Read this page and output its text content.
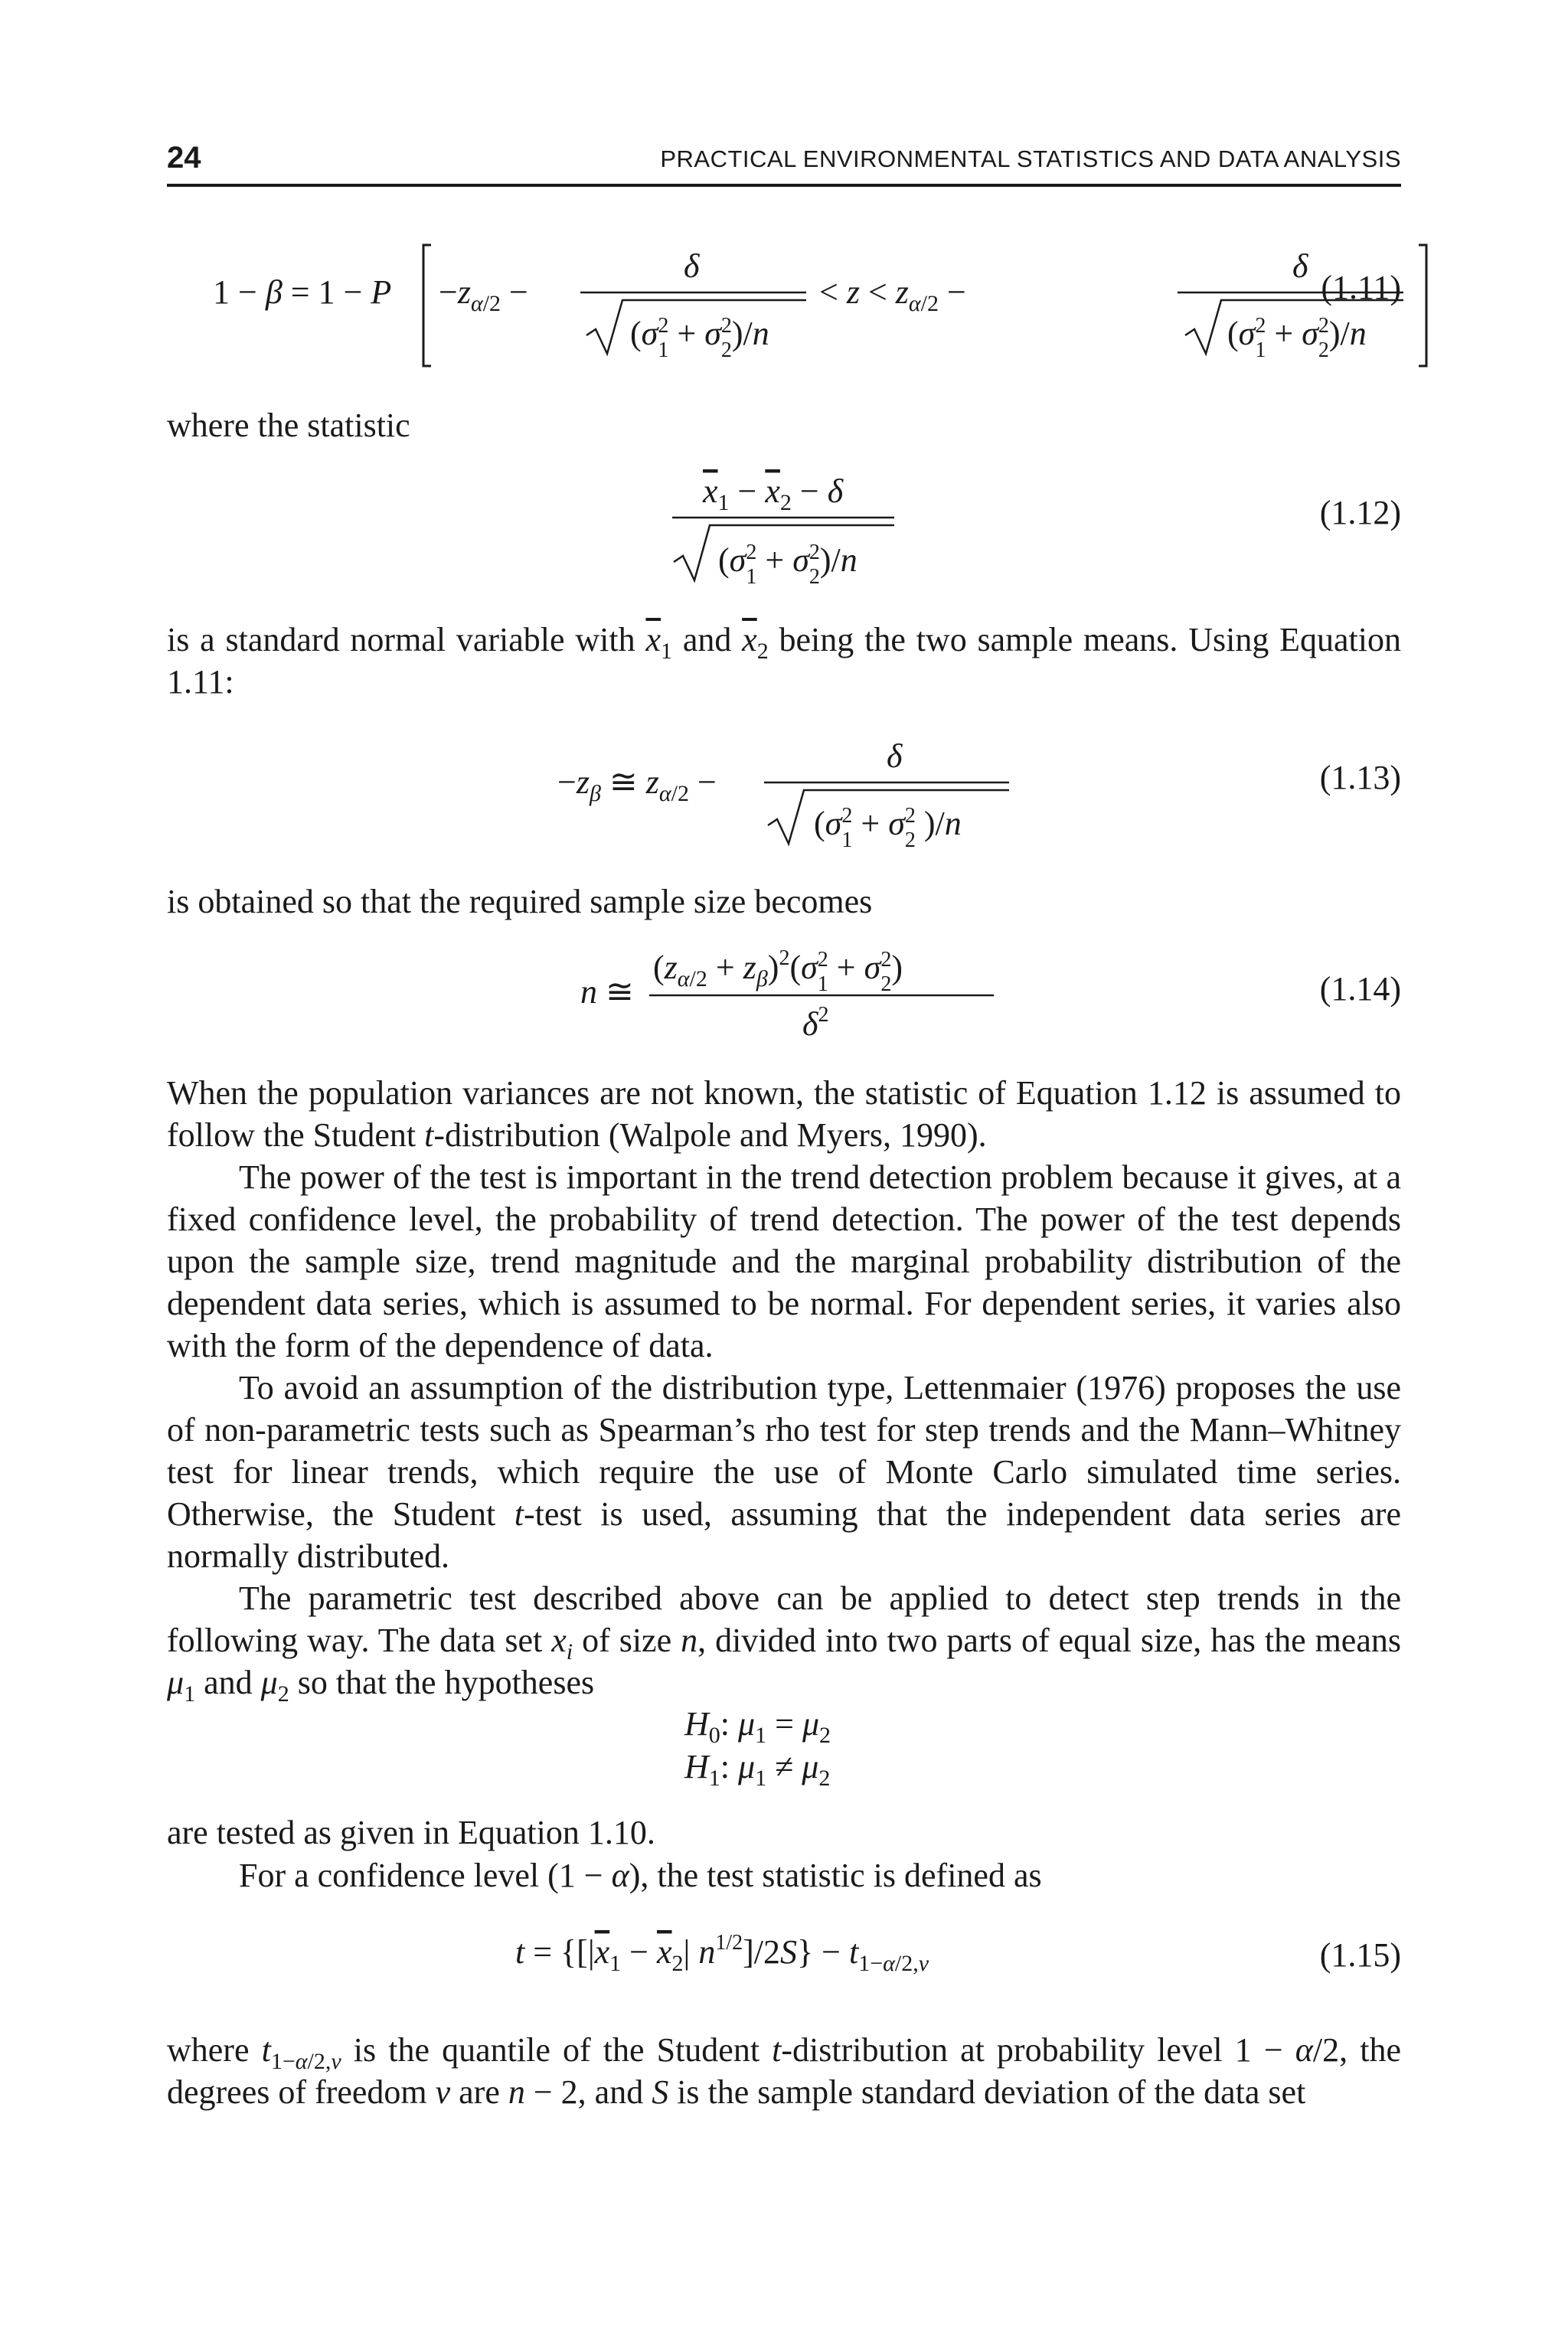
24	PRACTICAL ENVIRONMENTAL STATISTICS AND DATA ANALYSIS
$1 - \beta = 1 - P -z_\alpha/2$ −
δ
($\sigma^2$ $1 + \sigma^2$ 2)/n
< $z < z_\alpha/2$ −
δ
($\sigma^2$ $1 + \sigma^2$ 2)/n
(1.11)
where the statistic
$x_1 - x_2 - \delta$
($\sigma^2$ $1 + \sigma^2$ 2)/n
(1.12)
is a standard normal variable with $\overline{x}_1$ and $\overline{x}_2$ being the two sample means. Using Equation 1.11:
$-z_\beta$ ≅ $z_\alpha/2$ −
δ
($\sigma^2$ $1 + \sigma^2$ 2 )/n
(1.13)
is obtained so that the required sample size becomes
n ≅
$(z_\alpha/2 + z_\beta)^2(\sigma^2$ $1 + \sigma^2$ 2)
$\delta^2$
(1.14)
When the population variances are not known, the statistic of Equation 1.12 is assumed to follow the Student t-distribution (Walpole and Myers, 1990).
The power of the test is important in the trend detection problem because it gives, at a fixed confidence level, the probability of trend detection. The power of the test depends upon the sample size, trend magnitude and the marginal probability distribution of the dependent data series, which is assumed to be normal. For dependent series, it varies also with the form of the dependence of data.
To avoid an assumption of the distribution type, Lettenmaier (1976) proposes the use of non-parametric tests such as Spearman’s rho test for step trends and the Mann–Whitney test for linear trends, which require the use of Monte Carlo simulated time series. Otherwise, the Student t-test is used, assuming that the independent data series are normally distributed.
The parametric test described above can be applied to detect step trends in the following way. The data set $x_i$ of size n, divided into two parts of equal size, has the means $\mu_1$ and $\mu_2$ so that the hypotheses
$H_0$: $\mu_1 = \mu_2$
$H_1$: $\mu_1 \ne \mu_2$
are tested as given in Equation 1.10.
For a confidence level (1 − α), the test statistic is defined as
$t = \{[|x_1 - x_2|$ $n^{1/2}]/2S\} - t_{1-}\alpha/2,\nu$	(1.15)
where $t_{1-\alpha/2,\nu}$ is the quantile of the Student t-distribution at probability level 1 − α/2, the degrees of freedom ν are n − 2, and S is the sample standard deviation of the data set
